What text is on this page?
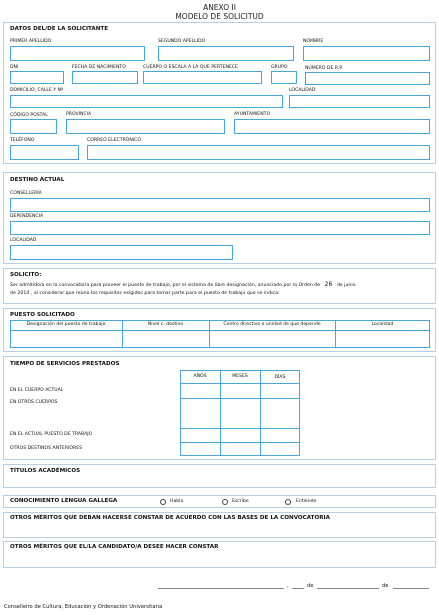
ANEXO II
MODELO DE SOLICITUD
DATOS DEL/DE LA SOLICITANTE
PRIMER APELLIDO	SEGUNDO APELLIDO	NOMBRE
DNI	FECHA DE NACIMIENTO	CUERPO O ESCALA A LA QUE PERTENECE	GRUPO	NÚMERO DE R.P.
DOMICILIO, CALLE Y Nº	LOCALIDAD
CÓDIGO POSTAL	PROVINCIA	AYUNTAMIENTO
TELÉFONO	CORREO ELECTRÓNICO
DESTINO ACTUAL
CONSELLERÍA
DEPENDENCIA
LOCALIDAD
SOLICITO:
Ser admitido/a en la convocatoria para proveer el puesto de trabajo, por el sistema de libre designación, anunciado por la Orden de 26 de junio
de 2014 , al considerar que reúno los requisitos exigidos para tomar parte para el puesto de trabajo que se indica:
PUESTO SOLICITADO
Designación del puesto de trabajo	Nivel c. destino	Centro directivo o unidad de que depende	Localidad
TIEMPO DE SERVICIOS PRESTADOS
AÑOS	MESES	DÍAS
EN EL CUERPO ACTUAL
EN OTROS CUERPOS
EN EL ACTUAL PUESTO DE TRABAJO
OTROS DESTINOS ANTERIORES
TÍTULOS ACADÉMICOS
CONOCIMIENTO LENGUA GALLEGA	Habla	Escribe	Entiende
OTROS MÉRITOS QUE DEBAN HACERSE CONSTAR DE ACUERDO CON LAS BASES DE LA CONVOCATORIA
OTROS MÉRITOS QUE EL/LA CANDIDATO/A DESEE HACER CONSTAR
,	de	de
Conselleiro de Cultura, Educación y Ordenación Universitaria
